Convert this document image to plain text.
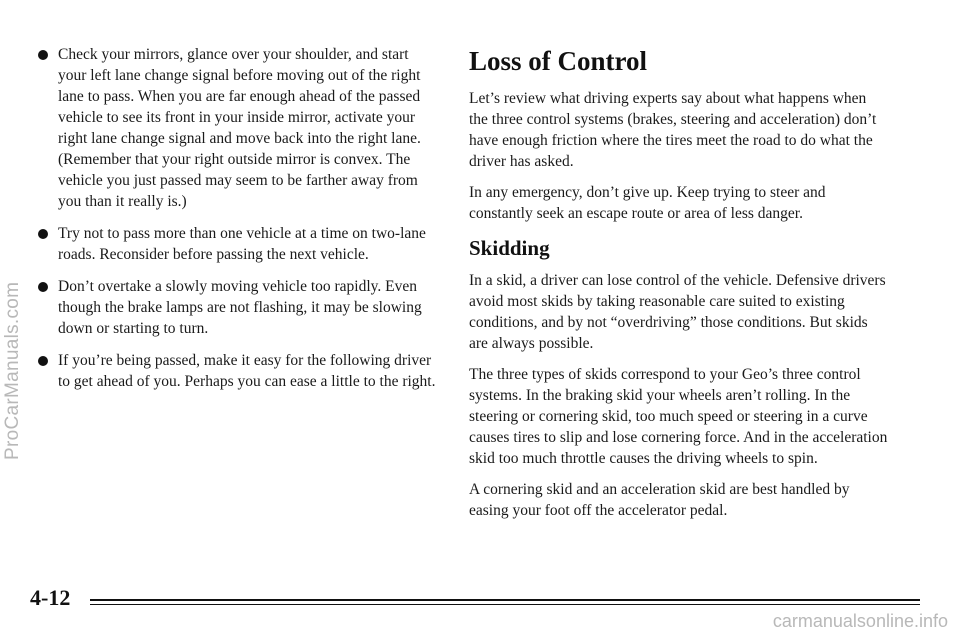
ProCarManuals.com

Check your mirrors, glance over your shoulder, and start your left lane change signal before moving out of the right lane to pass. When you are far enough ahead of the passed vehicle to see its front in your inside mirror, activate your right lane change signal and move back into the right lane. (Remember that your right outside mirror is convex. The vehicle you just passed may seem to be farther away from you than it really is.)

Try not to pass more than one vehicle at a time on two-lane roads. Reconsider before passing the next vehicle.

Don’t overtake a slowly moving vehicle too rapidly. Even though the brake lamps are not flashing, it may be slowing down or starting to turn.

If you’re being passed, make it easy for the following driver to get ahead of you. Perhaps you can ease a little to the right.

Loss of Control

Let’s review what driving experts say about what happens when the three control systems (brakes, steering and acceleration) don’t have enough friction where the tires meet the road to do what the driver has asked.

In any emergency, don’t give up. Keep trying to steer and constantly seek an escape route or area of less danger.

Skidding

In a skid, a driver can lose control of the vehicle. Defensive drivers avoid most skids by taking reasonable care suited to existing conditions, and by not “overdriving” those conditions. But skids are always possible.

The three types of skids correspond to your Geo’s three control systems. In the braking skid your wheels aren’t rolling. In the steering or cornering skid, too much speed or steering in a curve causes tires to slip and lose cornering force. And in the acceleration skid too much throttle causes the driving wheels to spin.

A cornering skid and an acceleration skid are best handled by easing your foot off the accelerator pedal.

4-12
carmanualsonline.info
